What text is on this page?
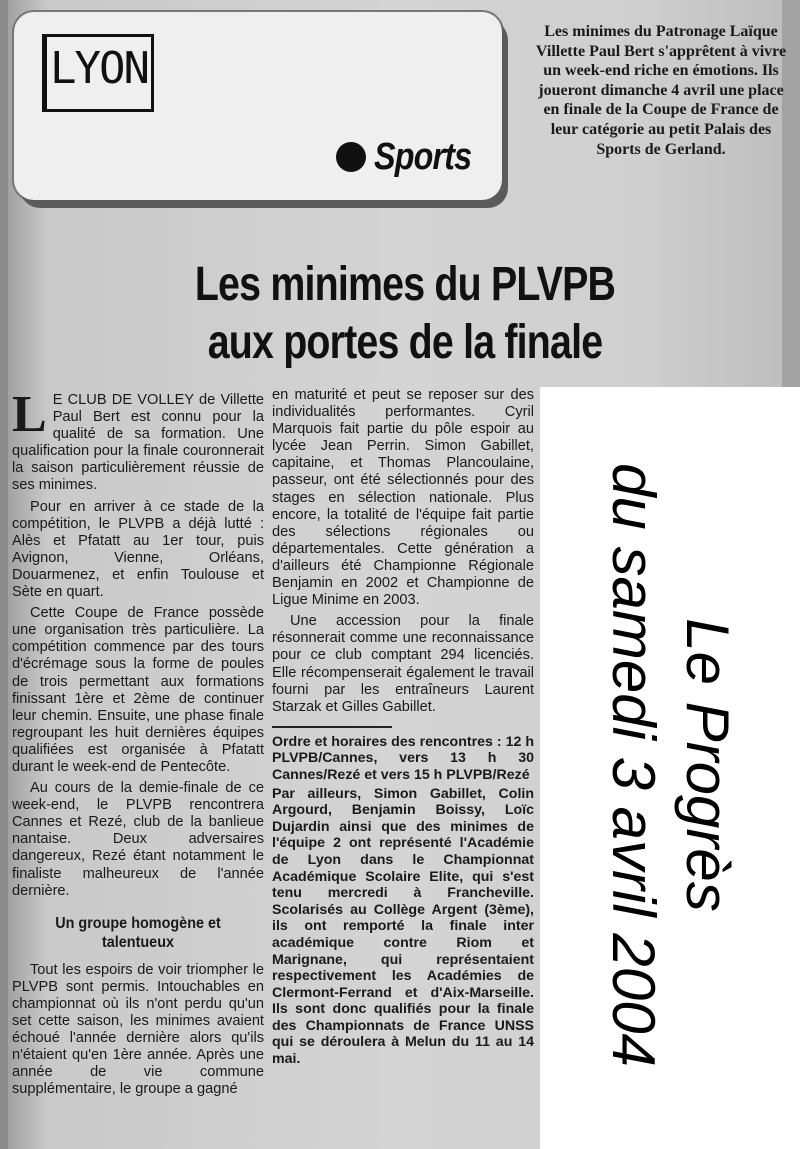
LYON
Sports
Les minimes du Patronage Laïque Villette Paul Bert s'apprêtent à vivre un week-end riche en émotions. Ils joueront dimanche 4 avril une place en finale de la Coupe de France de leur catégorie au petit Palais des Sports de Gerland.
Les minimes du PLVPB
aux portes de la finale
L E CLUB DE VOLLEY de Villette Paul Bert est connu pour la qualité de sa formation. Une qualification pour la finale couronnerait la saison particulièrement réussie de ses minimes.

Pour en arriver à ce stade de la compétition, le PLVPB a déjà lutté : Alès et Pfatatt au 1er tour, puis Avignon, Vienne, Orléans, Douarmenez, et enfin Toulouse et Sète en quart.

Cette Coupe de France possède une organisation très particulière. La compétition commence par des tours d'écrémage sous la forme de poules de trois permettant aux formations finissant 1ère et 2ème de continuer leur chemin. Ensuite, une phase finale regroupant les huit dernières équipes qualifiées est organisée à Pfatatt durant le week-end de Pentecôte.

Au cours de la demie-finale de ce week-end, le PLVPB rencontrera Cannes et Rezé, club de la banlieue nantaise. Deux adversaires dangereux, Rezé étant notamment le finaliste malheureux de l'année dernière.

Un groupe homogène et talentueux

Tout les espoirs de voir triompher le PLVPB sont permis. Intouchables en championnat où ils n'ont perdu qu'un set cette saison, les minimes avaient échoué l'année dernière alors qu'ils n'étaient qu'en 1ère année. Après une année de vie commune supplémentaire, le groupe a gagné

en maturité et peut se reposer sur des individualités performantes. Cyril Marquois fait partie du pôle espoir au lycée Jean Perrin. Simon Gabillet, capitaine, et Thomas Plancoulaine, passeur, ont été sélectionnés pour des stages en sélection nationale. Plus encore, la totalité de l'équipe fait partie des sélections régionales ou départementales. Cette génération a d'ailleurs été Championne Régionale Benjamin en 2002 et Championne de Ligue Minime en 2003.

Une accession pour la finale résonnerait comme une reconnaissance pour ce club comptant 294 licenciés. Elle récompenserait également le travail fourni par les entraîneurs Laurent Starzak et Gilles Gabillet.

Ordre et horaires des rencontres : 12 h PLVPB/Cannes, vers 13 h 30 Cannes/Rezé et vers 15 h PLVPB/Rezé

Par ailleurs, Simon Gabillet, Colin Argourd, Benjamin Boissy, Loïc Dujardin ainsi que des minimes de l'équipe 2 ont représenté l'Académie de Lyon dans le Championnat Académique Scolaire Elite, qui s'est tenu mercredi à Francheville. Scolarisés au Collège Argent (3ème), ils ont remporté la finale inter académique contre Riom et Marignane, qui représentaient respectivement les Académies de Clermont-Ferrand et d'Aix-Marseille. Ils sont donc qualifiés pour la finale des Championnats de France UNSS qui se déroulera à Melun du 11 au 14 mai.

Le Progrès
du samedi 3 avril 2004
